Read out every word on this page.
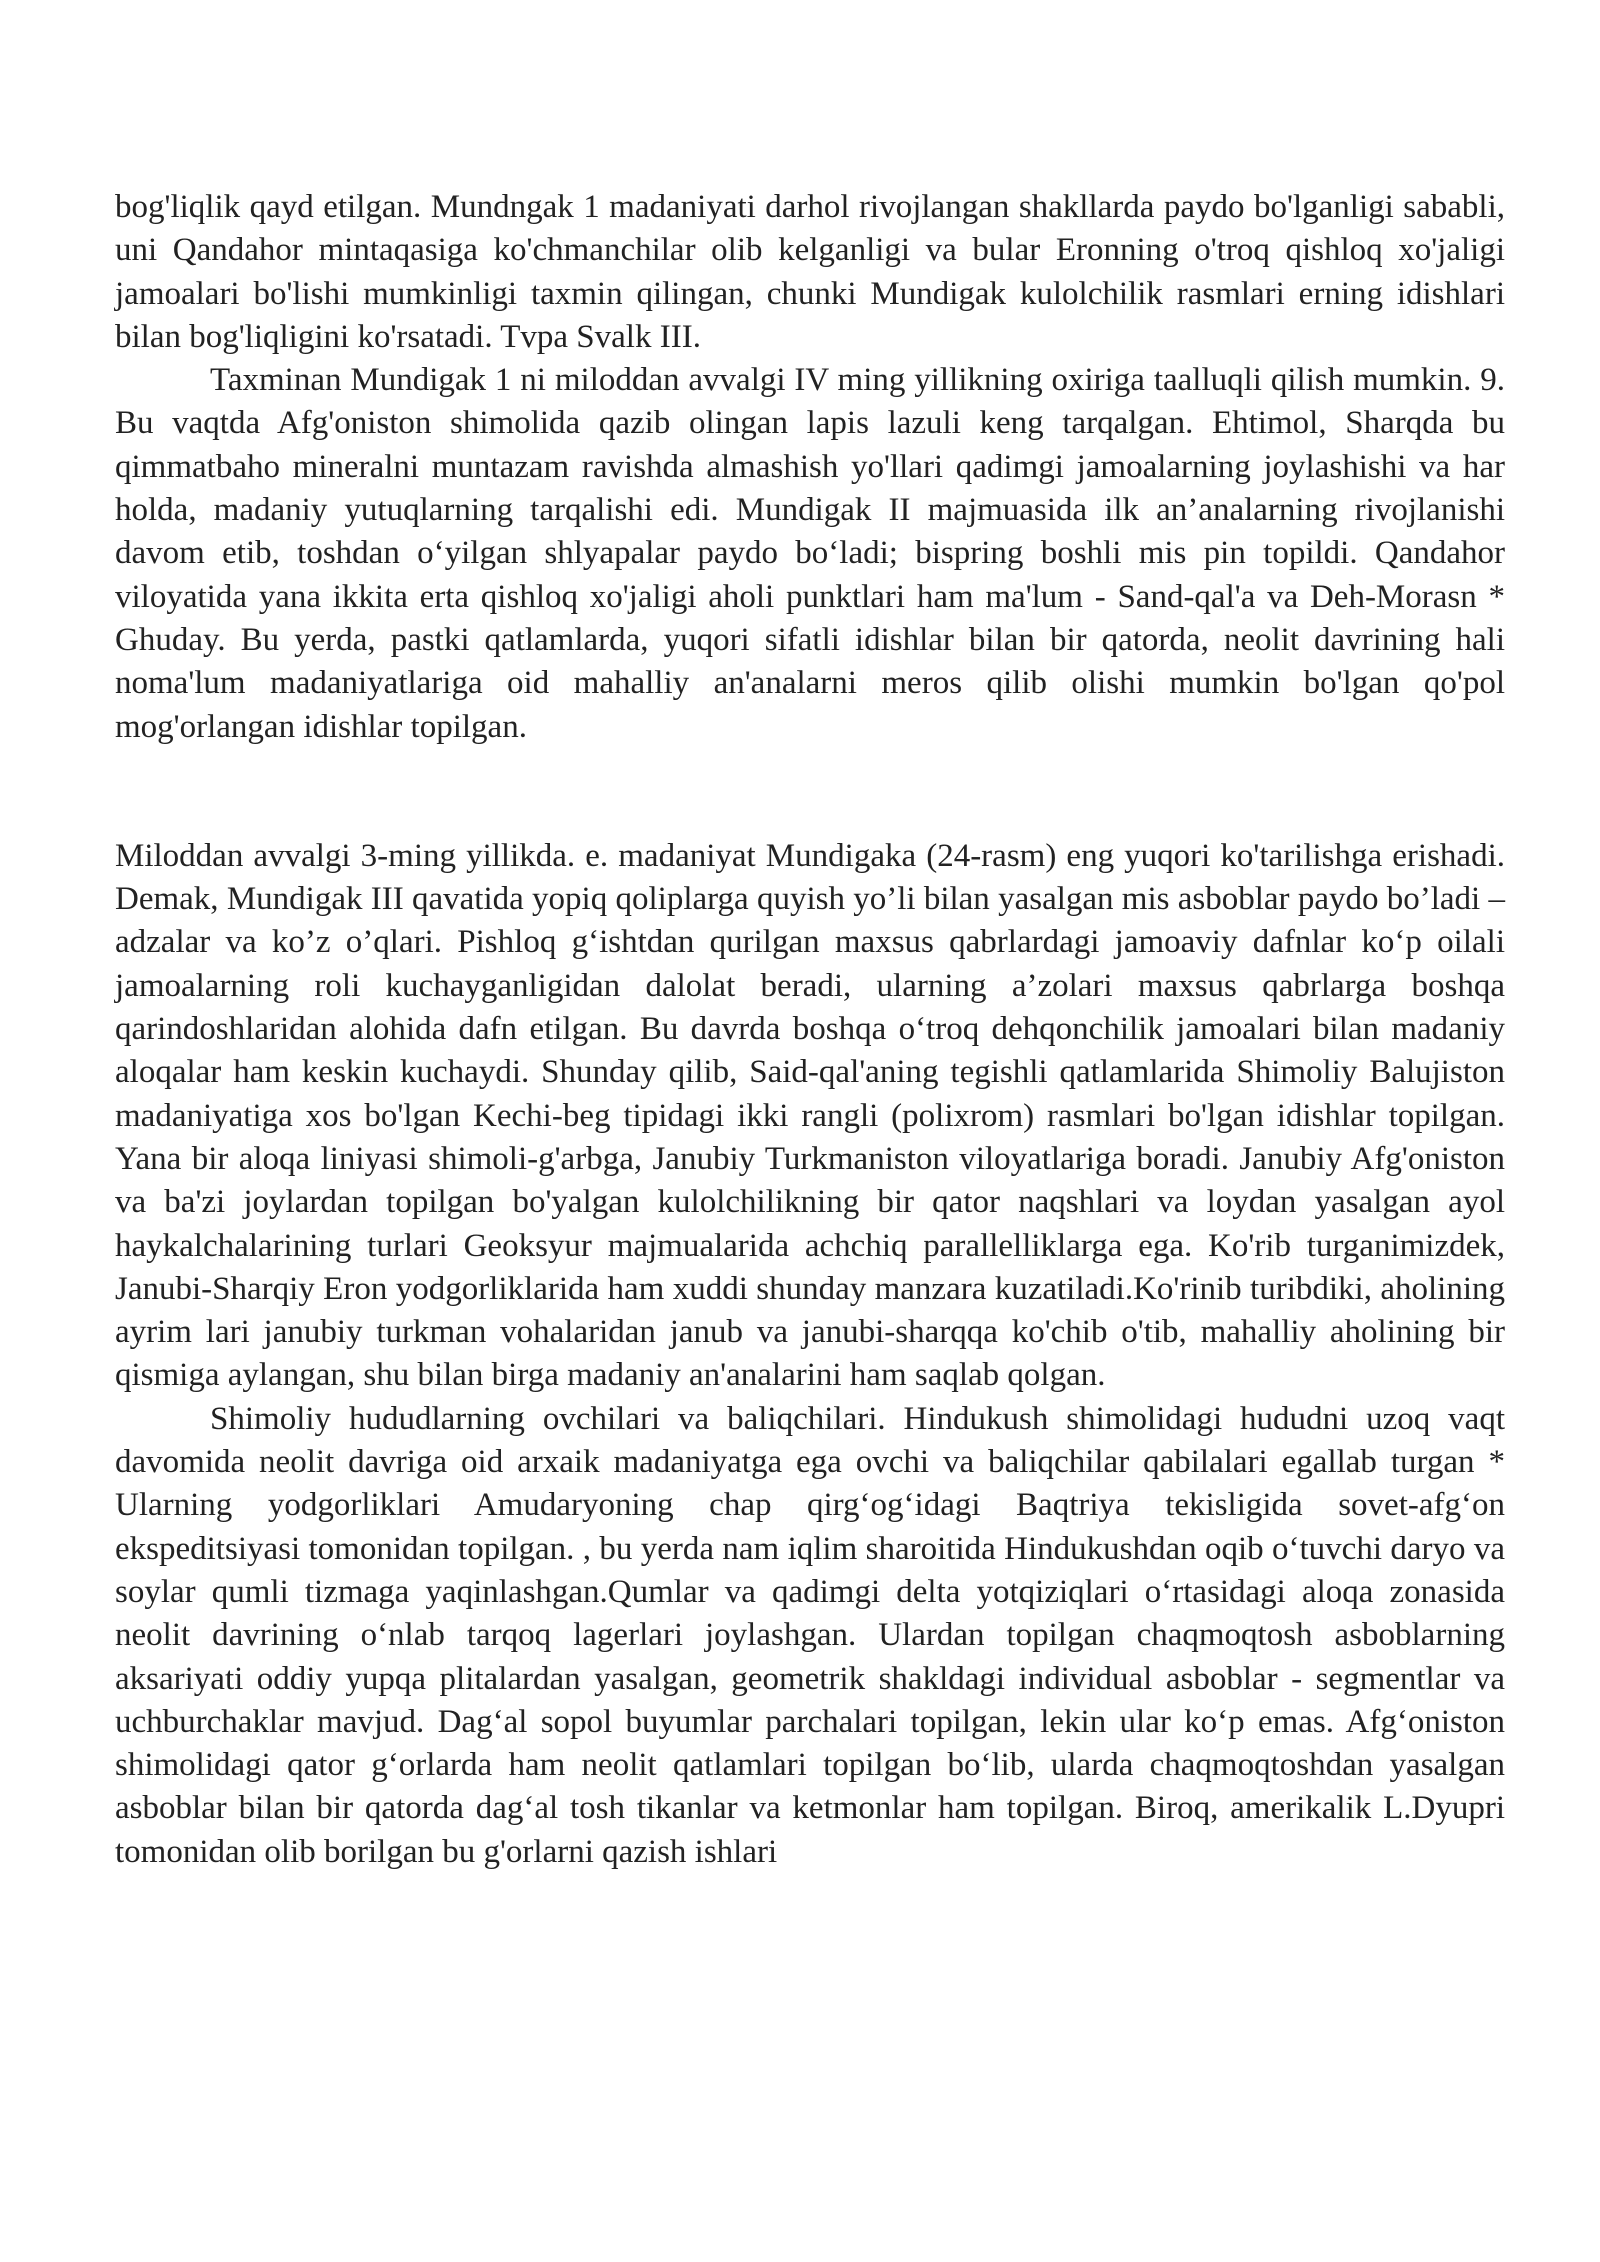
bog'liqlik qayd etilgan. Mundngak 1 madaniyati darhol rivojlangan shakllarda paydo bo'lganligi sababli, uni Qandahor mintaqasiga ko'chmanchilar olib kelganligi va bular Eronning o'troq qishloq xo'jaligi jamoalari bo'lishi mumkinligi taxmin qilingan, chunki Mundigak kulolchilik rasmlari erning idishlari bilan bog'liqligini ko'rsatadi. Tvpa Svalk III.

Taxminan Mundigak 1 ni miloddan avvalgi IV ming yillikning oxiriga taalluqli qilish mumkin. 9. Bu vaqtda Afg'oniston shimolida qazib olingan lapis lazuli keng tarqalgan. Ehtimol, Sharqda bu qimmatbaho mineralni muntazam ravishda almashish yo'llari qadimgi jamoalarning joylashishi va har holda, madaniy yutuqlarning tarqalishi edi. Mundigak II majmuasida ilk an’analarning rivojlanishi davom etib, toshdan o‘yilgan shlyapalar paydo bo‘ladi; bispring boshli mis pin topildi. Qandahor viloyatida yana ikkita erta qishloq xo'jaligi aholi punktlari ham ma'lum - Sand-qal'a va Deh-Morasn * Ghuday. Bu yerda, pastki qatlamlarda, yuqori sifatli idishlar bilan bir qatorda, neolit davrining hali noma'lum madaniyatlariga oid mahalliy an'analarni meros qilib olishi mumkin bo'lgan qo'pol mog'orlangan idishlar topilgan.

Miloddan avvalgi 3-ming yillikda. e. madaniyat Mundigaka (24-rasm) eng yuqori ko'tarilishga erishadi. Demak, Mundigak III qavatida yopiq qoliplarga quyish yo’li bilan yasalgan mis asboblar paydo bo’ladi – adzalar va ko’z o’qlari. Pishloq g‘ishtdan qurilgan maxsus qabrlardagi jamoaviy dafnlar ko‘p oilali jamoalarning roli kuchayganligidan dalolat beradi, ularning a’zolari maxsus qabrlarga boshqa qarindoshlaridan alohida dafn etilgan. Bu davrda boshqa o‘troq dehqonchilik jamoalari bilan madaniy aloqalar ham keskin kuchaydi. Shunday qilib, Said-qal'aning tegishli qatlamlarida Shimoliy Balujiston madaniyatiga xos bo'lgan Kechi-beg tipidagi ikki rangli (polixrom) rasmlari bo'lgan idishlar topilgan. Yana bir aloqa liniyasi shimoli-g'arbga, Janubiy Turkmaniston viloyatlariga boradi. Janubiy Afg'oniston va ba'zi joylardan topilgan bo'yalgan kulolchilikning bir qator naqshlari va loydan yasalgan ayol haykalchalarining turlari Geoksyur majmualarida achchiq parallelliklarga ega. Ko'rib turganimizdek, Janubi-Sharqiy Eron yodgorliklarida ham xuddi shunday manzara kuzatiladi.Ko'rinib turibdiki, aholining ayrim lari janubiy turkman vohalaridan janub va janubi-sharqqa ko'chib o'tib, mahalliy aholining bir qismiga aylangan, shu bilan birga madaniy an'analarini ham saqlab qolgan.

Shimoliy hududlarning ovchilari va baliqchilari. Hindukush shimolidagi hududni uzoq vaqt davomida neolit davriga oid arxaik madaniyatga ega ovchi va baliqchilar qabilalari egallab turgan * Ularning yodgorliklari Amudaryoning chap qirg‘og‘idagi Baqtriya tekisligida sovet-afg‘on ekspeditsiyasi tomonidan topilgan. , bu yerda nam iqlim sharoitida Hindukushdan oqib o‘tuvchi daryo va soylar qumli tizmaga yaqinlashgan.Qumlar va qadimgi delta yotqiziqlari o‘rtasidagi aloqa zonasida neolit davrining o‘nlab tarqoq lagerlari joylashgan. Ulardan topilgan chaqmoqtosh asboblarning aksariyati oddiy yupqa plitalardan yasalgan, geometrik shakldagi individual asboblar - segmentlar va uchburchaklar mavjud. Dag‘al sopol buyumlar parchalari topilgan, lekin ular ko‘p emas. Afg‘oniston shimolidagi qator g‘orlarda ham neolit qatlamlari topilgan bo‘lib, ularda chaqmoqtoshdan yasalgan asboblar bilan bir qatorda dag‘al tosh tikanlar va ketmonlar ham topilgan. Biroq, amerikalik L.Dyupri tomonidan olib borilgan bu g'orlarni qazish ishlari
